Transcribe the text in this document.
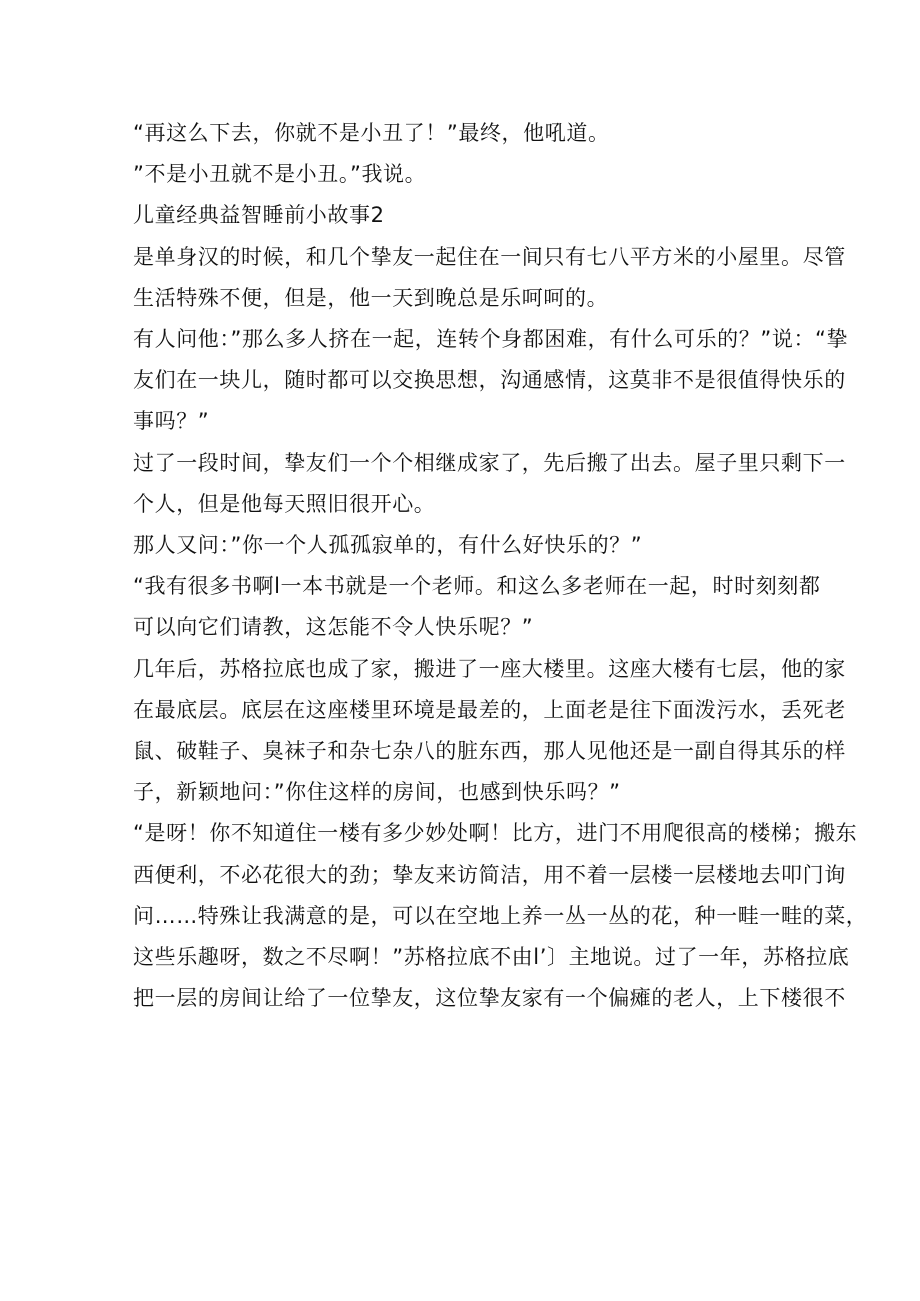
“再这么下去，你就不是小丑了！”最终，他吼道。
”不是小丑就不是小丑。”我说。
儿童经典益智睡前小故事2
是单身汉的时候，和几个挚友一起住在一间只有七八平方米的小屋里。尽管
生活特殊不便，但是，他一天到晚总是乐呵呵的。
有人问他：”那么多人挤在一起，连转个身都困难，有什么可乐的？”说：“挚
友们在一块儿，随时都可以交换思想，沟通感情，这莫非不是很值得快乐的
事吗？”
过了一段时间，挚友们一个个相继成家了，先后搬了出去。屋子里只剩下一
个人，但是他每天照旧很开心。
那人又问：”你一个人孤孤寂单的，有什么好快乐的？”
“我有很多书啊l一本书就是一个老师。和这么多老师在一起，时时刻刻都
可以向它们请教，这怎能不令人快乐呢？”
几年后，苏格拉底也成了家，搬进了一座大楼里。这座大楼有七层，他的家
在最底层。底层在这座楼里环境是最差的，上面老是往下面泼污水，丢死老
鼠、破鞋子、臭袜子和杂七杂八的脏东西，那人见他还是一副自得其乐的样
子，新颖地问：”你住这样的房间，也感到快乐吗？”
“是呀！你不知道住一楼有多少妙处啊！比方，进门不用爬很高的楼梯；搬东
西便利，不必花很大的劲；挚友来访简洁，用不着一层楼一层楼地去叩门询
问……特殊让我满意的是，可以在空地上养一丛一丛的花，种一畦一畦的菜，
这些乐趣呀，数之不尽啊！”苏格拉底不由l’〕主地说。过了一年，苏格拉底
把一层的房间让给了一位挚友，这位挚友家有一个偏瘫的老人，上下楼很不
